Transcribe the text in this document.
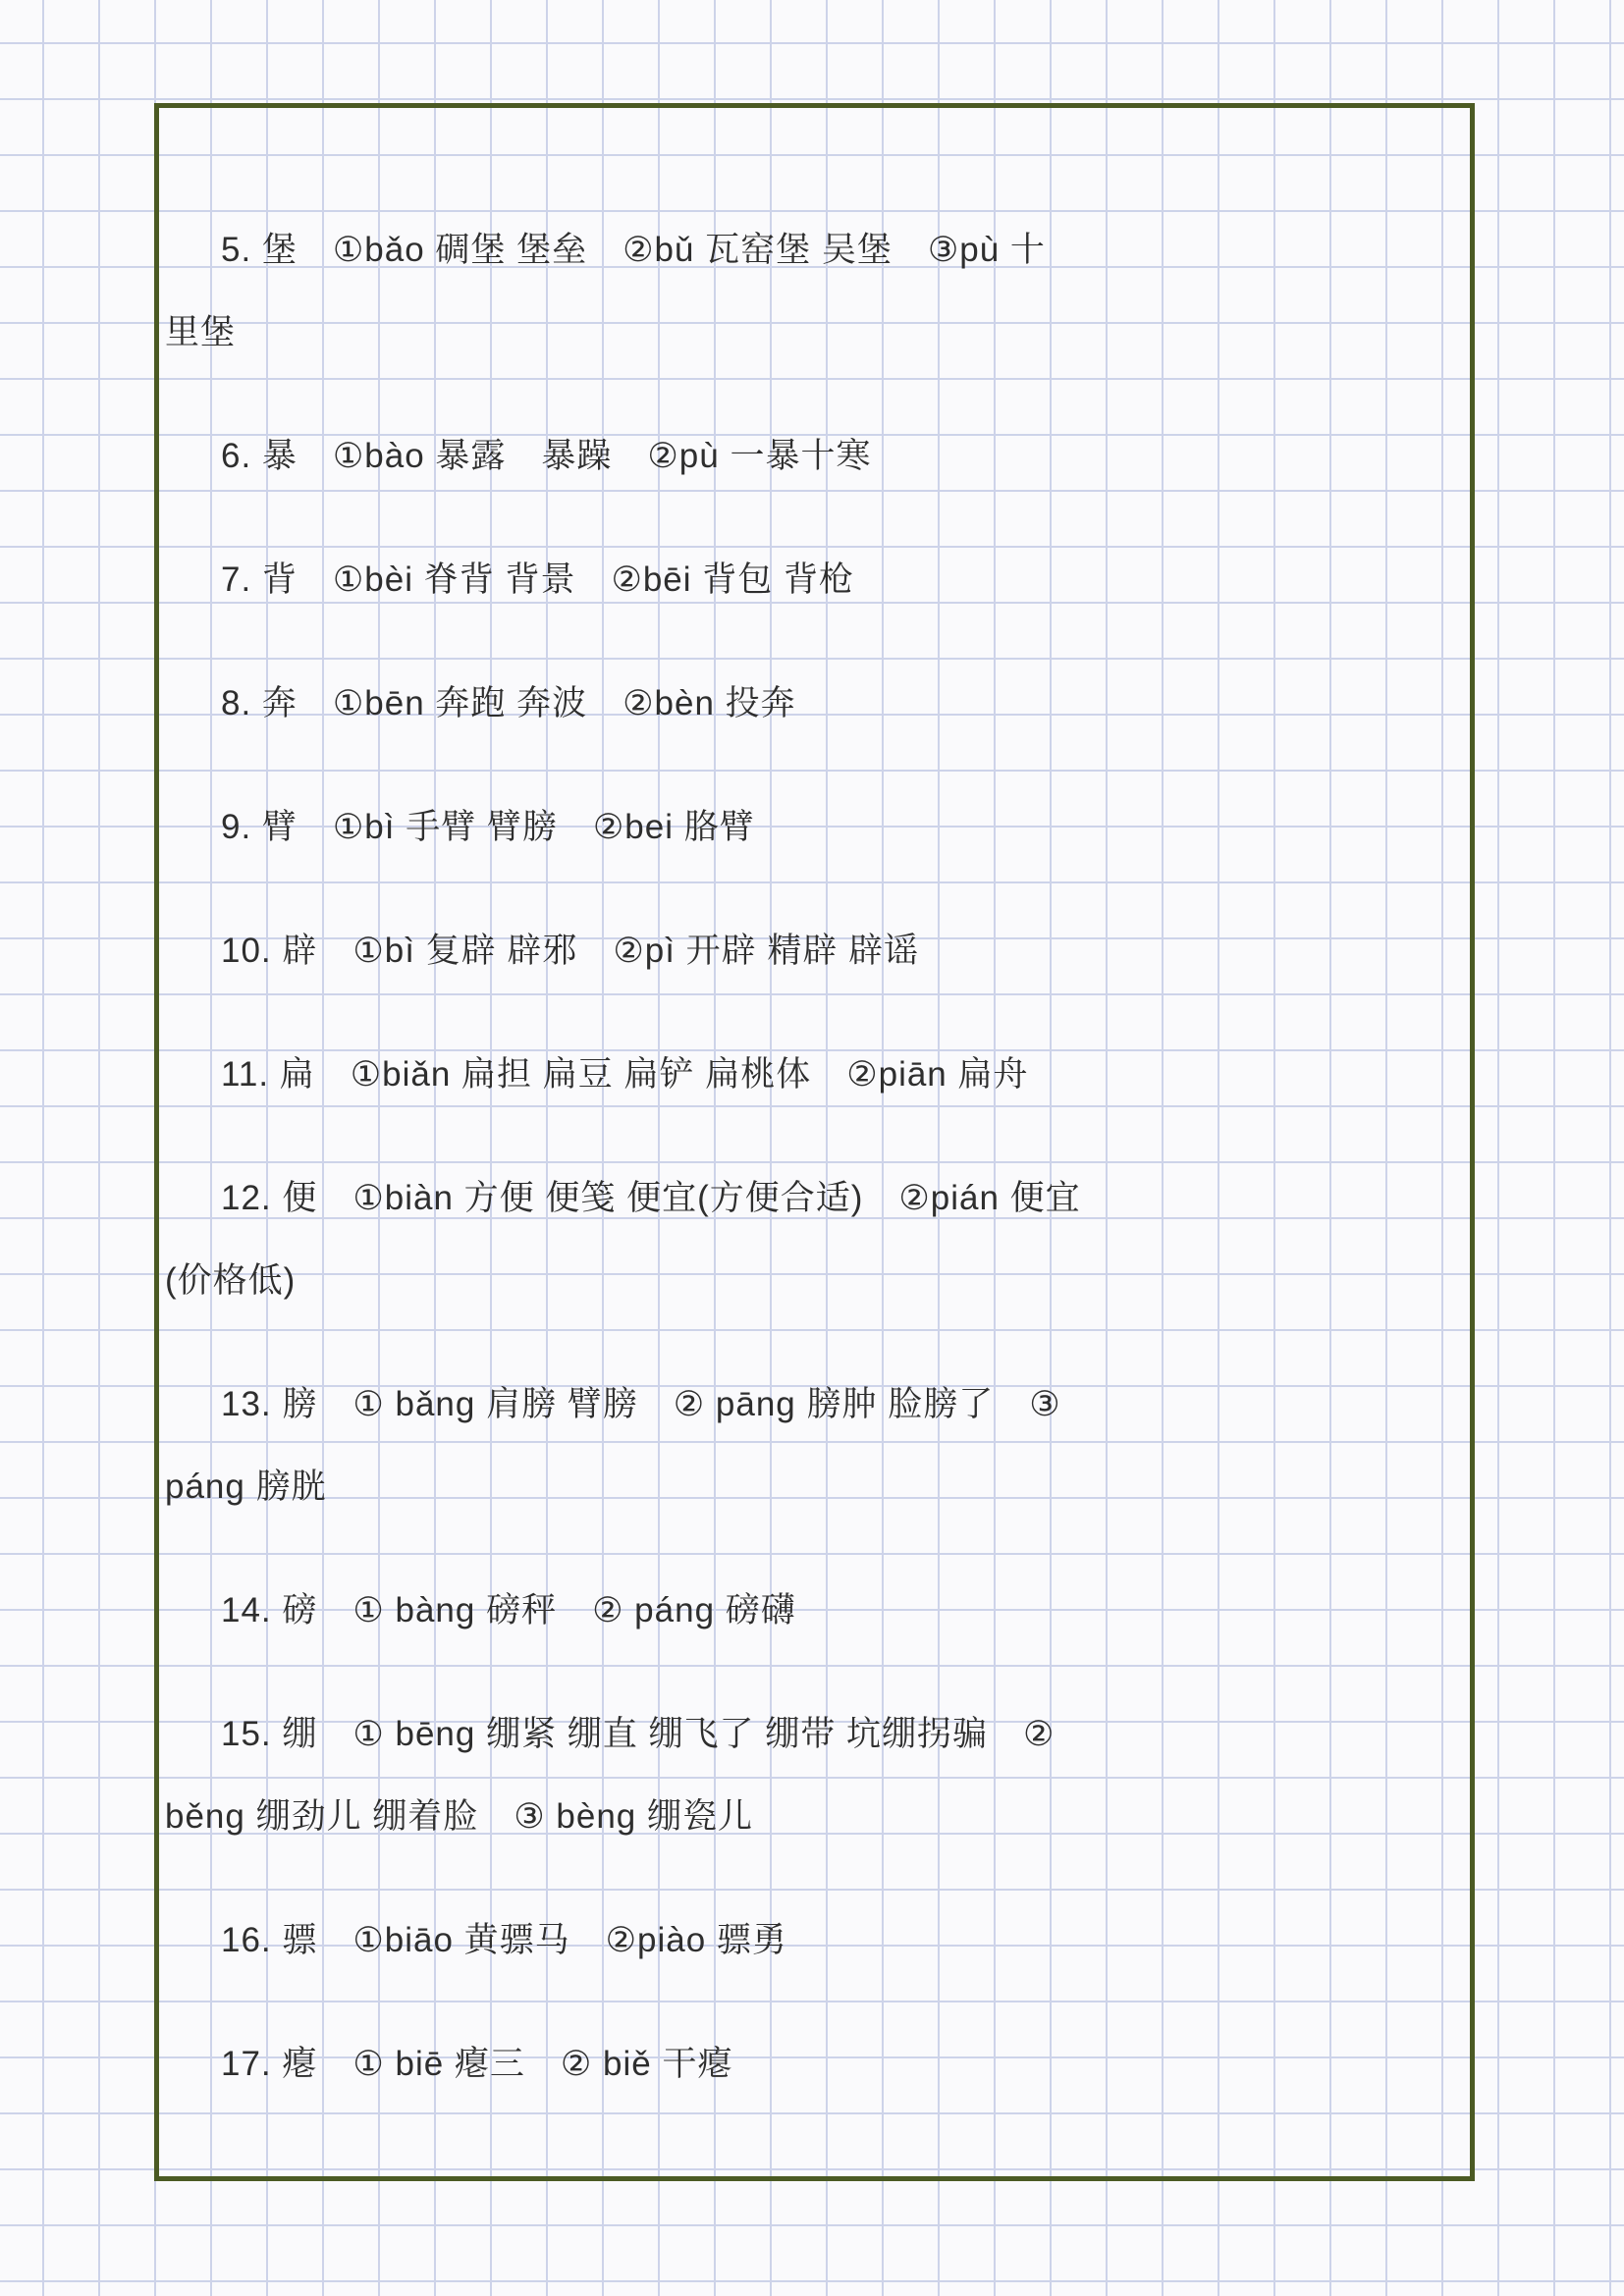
5. 堡　①bǎo 碉堡 堡垒　②bǔ 瓦窑堡 吴堡　③pù 十
里堡
6. 暴　①bào 暴露　暴躁　②pù 一暴十寒
7. 背　①bèi 脊背 背景　②bēi 背包 背枪
8. 奔　①bēn 奔跑 奔波　②bèn 投奔
9. 臂　①bì 手臂 臂膀　②bei 胳臂
10. 辟　①bì 复辟 辟邪　②pì 开辟 精辟 辟谣
11. 扁　①biǎn 扁担 扁豆 扁铲 扁桃体　②piān 扁舟
12. 便　①biàn 方便 便笺 便宜(方便合适)　②pián 便宜
(价格低)
13. 膀　① bǎng 肩膀 臂膀　② pāng 膀肿 脸膀了　③
páng 膀胱
14. 磅　① bàng 磅秤　② páng 磅礴
15. 绷　① bēng 绷紧 绷直 绷飞了 绷带 坑绷拐骗　②
běng 绷劲儿 绷着脸　③ bèng 绷瓷儿
16. 骠　①biāo 黄骠马　②piào 骠勇
17. 瘪　① biē 瘪三　② biě 干瘪
